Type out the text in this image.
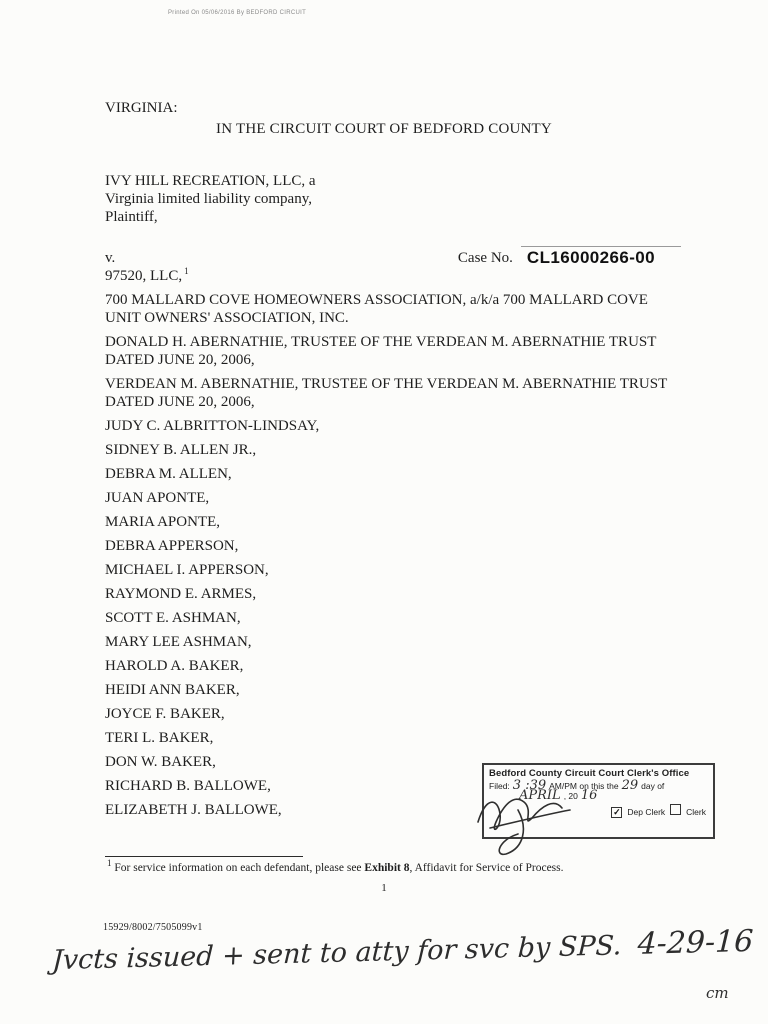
Printed On 05/06/2016 By BEDFORD CIRCUIT
VIRGINIA:
IN THE CIRCUIT COURT OF BEDFORD COUNTY
IVY HILL RECREATION, LLC, a
Virginia limited liability company,
Plaintiff,
v.	Case No. CL16000266-00
97520, LLC, $^1$
700 MALLARD COVE HOMEOWNERS ASSOCIATION, a/k/a 700 MALLARD COVE UNIT OWNERS' ASSOCIATION, INC.
DONALD H. ABERNATHIE, TRUSTEE OF THE VERDEAN M. ABERNATHIE TRUST DATED JUNE 20, 2006,
VERDEAN M. ABERNATHIE, TRUSTEE OF THE VERDEAN M. ABERNATHIE TRUST DATED JUNE 20, 2006,
JUDY C. ALBRITTON-LINDSAY,
SIDNEY B. ALLEN JR.,
DEBRA M. ALLEN,
JUAN APONTE,
MARIA APONTE,
DEBRA APPERSON,
MICHAEL I. APPERSON,
RAYMOND E. ARMES,
SCOTT E. ASHMAN,
MARY LEE ASHMAN,
HAROLD A. BAKER,
HEIDI ANN BAKER,
JOYCE F. BAKER,
TERI L. BAKER,
DON W. BAKER,
RICHARD B. BALLOWE,
ELIZABETH J. BALLOWE,
Bedford County Circuit Court Clerk's Office
Filed: 3 :39 AM/PM on this the 29 day of
APRIL , 20 16
✓ Dep Clerk Clerk
$^1$ For service information on each defendant, please see Exhibit 8, Affidavit for Service of Process.
1
15929/8002/7505099v1
Jvcts issued + sent to atty for svc by SPS. 4-29-16
cm
